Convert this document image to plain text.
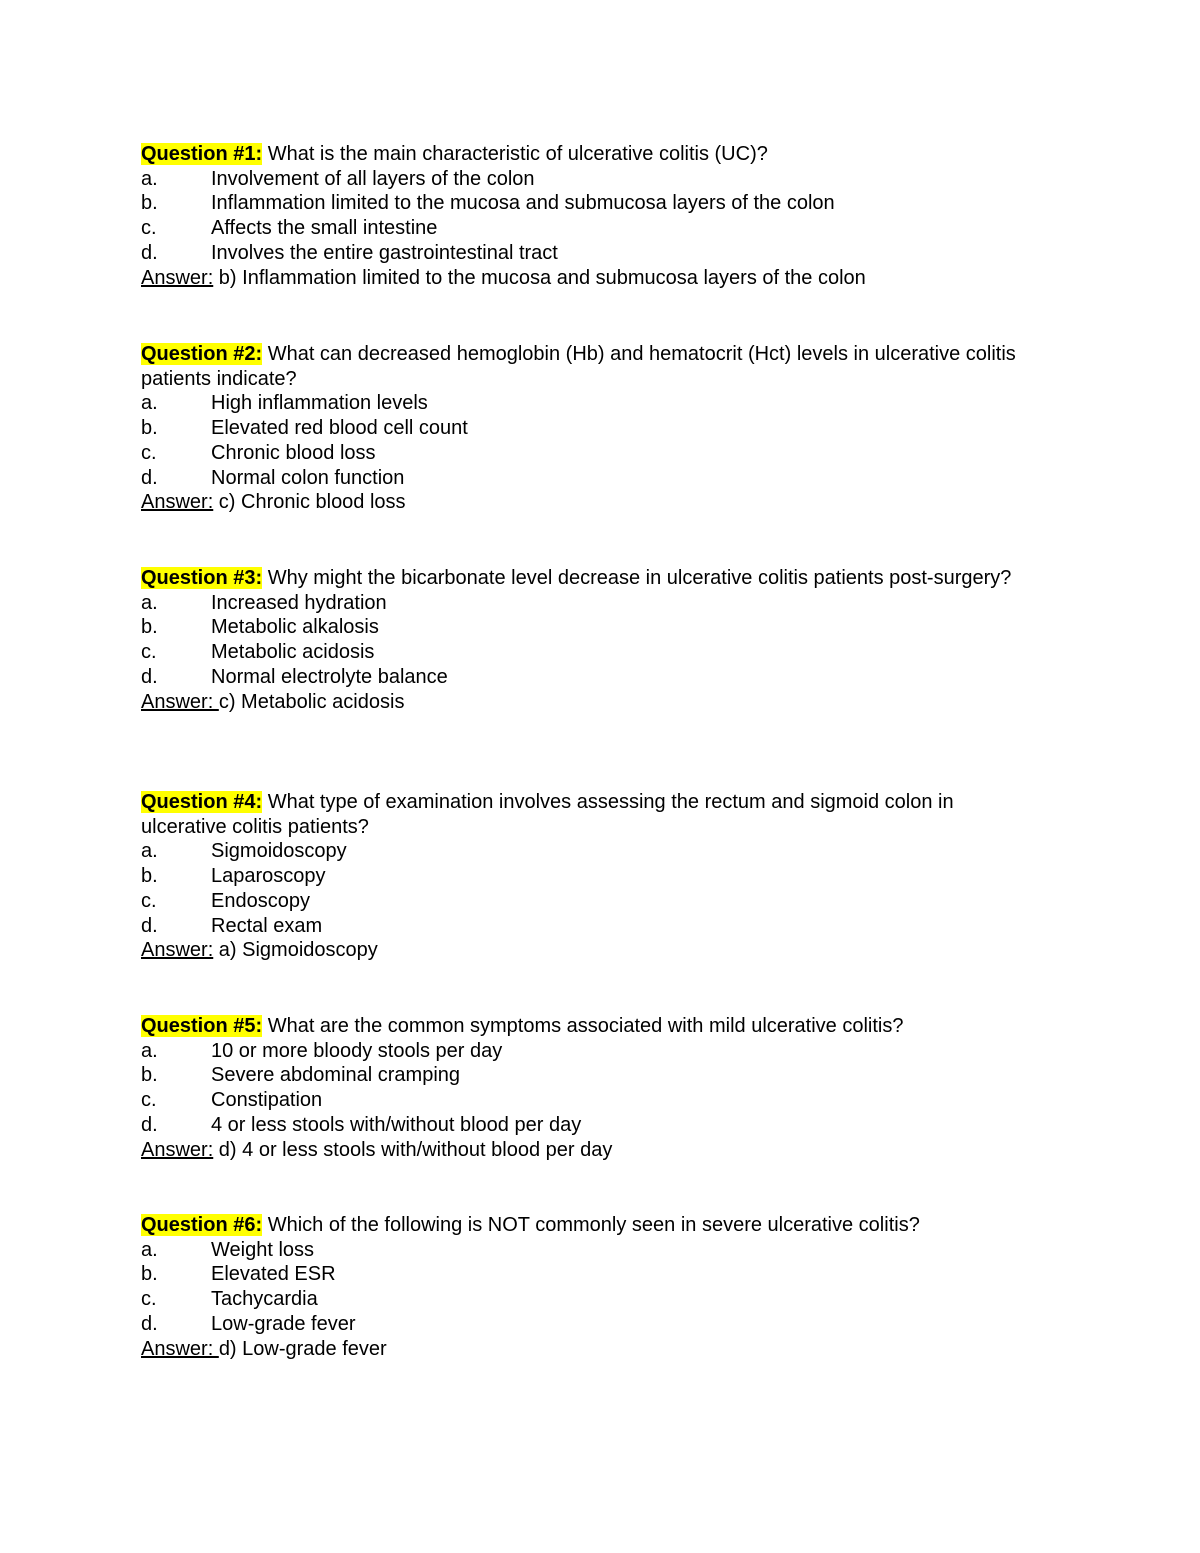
Question #1: What is the main characteristic of ulcerative colitis (UC)?

a.	Involvement of all layers of the colon
b.	Inflammation limited to the mucosa and submucosa layers of the colon
c.	Affects the small intestine
d.	Involves the entire gastrointestinal tract

Answer: b) Inflammation limited to the mucosa and submucosa layers of the colon

Question #2: What can decreased hemoglobin (Hb) and hematocrit (Hct) levels in ulcerative colitis patients indicate?

a.	High inflammation levels
b.	Elevated red blood cell count
c.	Chronic blood loss
d.	Normal colon function

Answer: c) Chronic blood loss

Question #3: Why might the bicarbonate level decrease in ulcerative colitis patients post-surgery?

a.	Increased hydration
b.	Metabolic alkalosis
c.	Metabolic acidosis
d.	Normal electrolyte balance

Answer: c) Metabolic acidosis

Question #4: What type of examination involves assessing the rectum and sigmoid colon in ulcerative colitis patients?

a.	Sigmoidoscopy
b.	Laparoscopy
c.	Endoscopy
d.	Rectal exam

Answer: a) Sigmoidoscopy

Question #5: What are the common symptoms associated with mild ulcerative colitis?

a.	10 or more bloody stools per day
b.	Severe abdominal cramping
c.	Constipation
d.	4 or less stools with/without blood per day

Answer: d) 4 or less stools with/without blood per day

Question #6: Which of the following is NOT commonly seen in severe ulcerative colitis?

a.	Weight loss
b.	Elevated ESR
c.	Tachycardia
d.	Low-grade fever

Answer: d) Low-grade fever
